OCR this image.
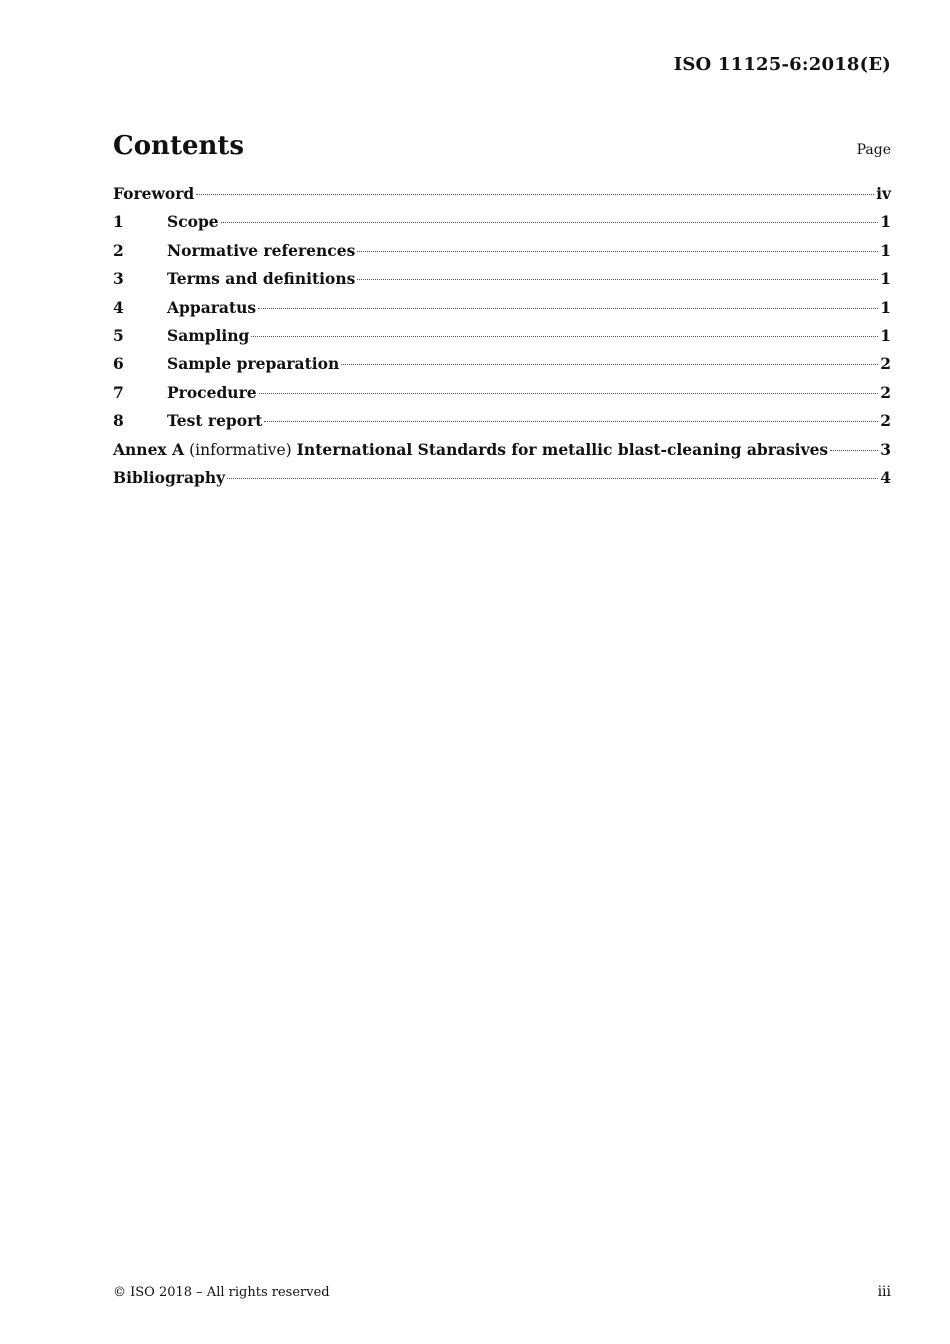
ISO 11125-6:2018(E)
Contents	Page
Foreword	iv
1	Scope	1
2	Normative references	1
3	Terms and definitions	1
4	Apparatus	1
5	Sampling	1
6	Sample preparation	2
7	Procedure	2
8	Test report	2
Annex A (informative) International Standards for metallic blast-cleaning abrasives	3
Bibliography	4
© ISO 2018 – All rights reserved	iii
